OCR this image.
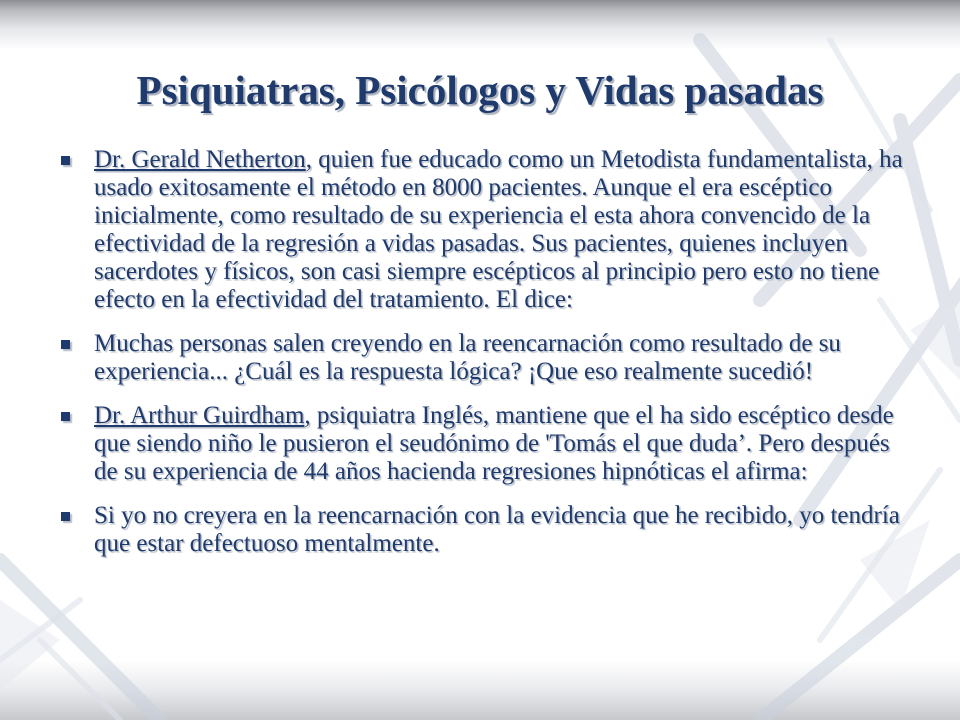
Psiquiatras, Psicólogos y Vidas pasadas
Dr. Gerald Netherton, quien fue educado como un Metodista fundamentalista, ha usado exitosamente el método en 8000 pacientes. Aunque el era escéptico inicialmente, como resultado de su experiencia el esta ahora convencido de la efectividad de la regresión a vidas pasadas. Sus pacientes, quienes incluyen sacerdotes y físicos, son casi siempre escépticos al principio pero esto no tiene efecto en la efectividad del tratamiento. El dice:
Muchas personas salen creyendo en la reencarnación como resultado de su experiencia... ¿Cuál es la respuesta lógica? ¡Que eso realmente sucedió!
Dr. Arthur Guirdham, psiquiatra Inglés, mantiene que el ha sido escéptico desde que siendo niño le pusieron el seudónimo de 'Tomás el que duda’. Pero después de su experiencia de 44 años hacienda regresiones hipnóticas el afirma:
Si yo no creyera en la reencarnación con la evidencia que he recibido, yo tendría que estar defectuoso mentalmente.
